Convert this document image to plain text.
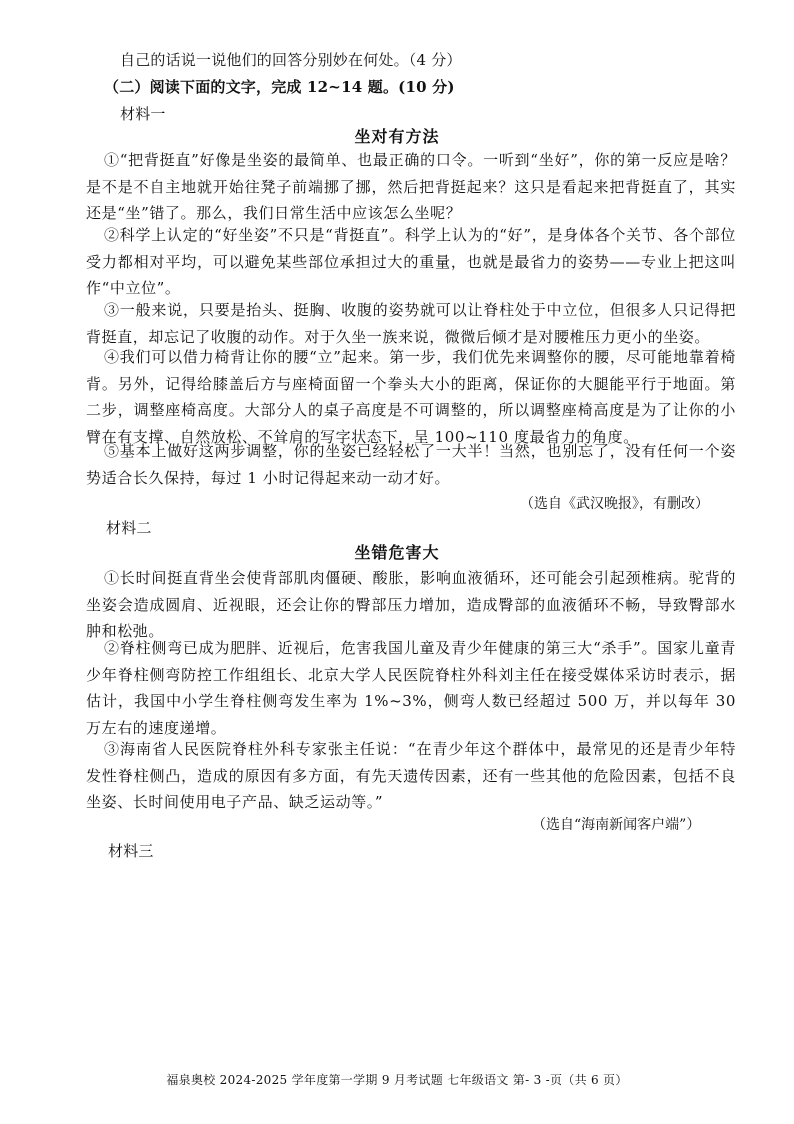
自己的话说一说他们的回答分别妙在何处。（4 分）
（二）阅读下面的文字，完成 12~14 题。(10 分)
材料一
坐对有方法
①“把背挺直”好像是坐姿的最简单、也最正确的口令。一听到“坐好”，你的第一反应是啥？是不是不自主地就开始往凳子前端挪了挪，然后把背挺起来？这只是看起来把背挺直了，其实还是“坐”错了。那么，我们日常生活中应该怎么坐呢？
②科学上认定的“好坐姿”不只是“背挺直”。科学上认为的“好”，是身体各个关节、各个部位受力都相对平均，可以避免某些部位承担过大的重量，也就是最省力的姿势——专业上把这叫作“中立位”。
③一般来说，只要是抬头、挺胸、收腹的姿势就可以让脊柱处于中立位，但很多人只记得把背挺直，却忘记了收腹的动作。对于久坐一族来说，微微后倾才是对腰椎压力更小的坐姿。
④我们可以借力椅背让你的腰“立”起来。第一步，我们优先来调整你的腰，尽可能地靠着椅背。另外，记得给膝盖后方与座椅面留一个拳头大小的距离，保证你的大腿能平行于地面。第二步，调整座椅高度。大部分人的桌子高度是不可调整的，所以调整座椅高度是为了让你的小臂在有支撑、自然放松、不耸肩的写字状态下，呈 100~110 度最省力的角度。
⑤基本上做好这两步调整，你的坐姿已经轻松了一大半！当然，也别忘了，没有任何一个姿势适合长久保持，每过 1 小时记得起来动一动才好。
（选自《武汉晚报》，有删改）
材料二
坐错危害大
①长时间挺直背坐会使背部肌肉僵硬、酸胀，影响血液循环，还可能会引起颈椎病。驼背的坐姿会造成圆肩、近视眼，还会让你的臀部压力增加，造成臀部的血液循环不畅，导致臀部水肿和松弛。
②脊柱侧弯已成为肥胖、近视后，危害我国儿童及青少年健康的第三大“杀手”。国家儿童青少年脊柱侧弯防控工作组组长、北京大学人民医院脊柱外科刘主任在接受媒体采访时表示，据估计，我国中小学生脊柱侧弯发生率为 1%~3%，侧弯人数已经超过 500 万，并以每年 30 万左右的速度递增。
③海南省人民医院脊柱外科专家张主任说：“在青少年这个群体中，最常见的还是青少年特发性脊柱侧凸，造成的原因有多方面，有先天遗传因素，还有一些其他的危险因素，包括不良坐姿、长时间使用电子产品、缺乏运动等。”
（选自“海南新闻客户端”）
材料三
福泉奥校 2024-2025 学年度第一学期 9 月考试题 七年级语文 第- 3 -页（共 6 页）
